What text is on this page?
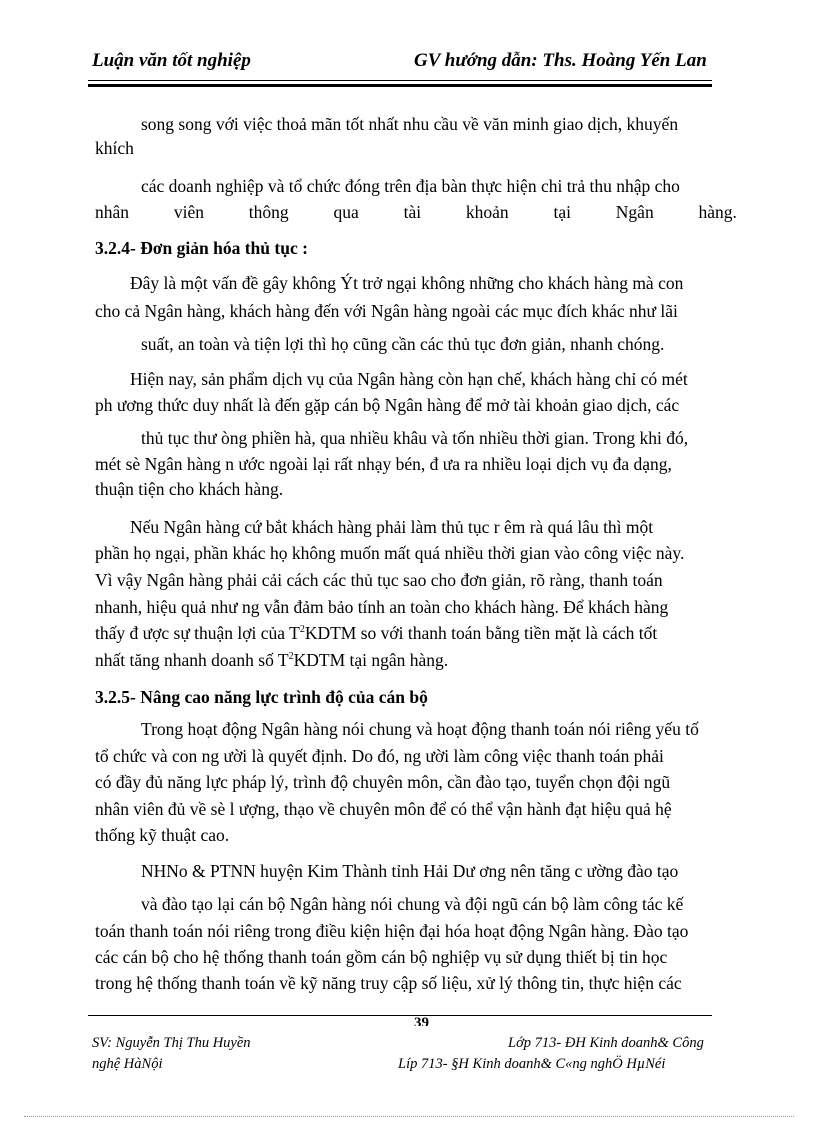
Luận văn tốt nghiệp	GV hướng dẫn: Ths. Hoàng Yến Lan
song song với việc thoả mãn tốt nhất nhu cầu về văn minh giao dịch, khuyến
khích
các doanh nghiệp và tổ chức đóng trên địa bàn thực hiện chi trả thu nhập cho
nhân	viên	thông	qua	tài	khoản	tại	Ngân	hàng.
3.2.4- Đơn giản hóa thủ tục :
Đây là một vấn đề gây không Ýt trở ngại không những cho khách hàng mà con
cho cả Ngân hàng, khách hàng đến với Ngân hàng ngoài các mục đích khác như lãi
suất, an toàn và tiện lợi thì họ cũng cần các thủ tục đơn giản, nhanh chóng.
Hiện nay, sản phẩm dịch vụ của Ngân hàng còn hạn chế, khách hàng chỉ có mét
ph ương thức duy nhất là đến gặp cán bộ Ngân hàng để mở tài khoản giao dịch, các
thủ tục thư òng phiền hà, qua nhiều khâu và tốn nhiều thời gian. Trong khi đó,
mét sè Ngân hàng n ước ngoài lại rất nhạy bén, đ ưa ra nhiều loại dịch vụ đa dạng,
thuận tiện cho khách hàng.
Nếu Ngân hàng cứ bắt khách hàng phải làm thủ tục r êm rà quá lâu thì một
phần họ ngại, phần khác họ không muốn mất quá nhiều thời gian vào công việc này.
Vì vậy Ngân hàng phải cải cách các thủ tục sao cho đơn giản, rõ ràng, thanh toán
nhanh, hiệu quả như ng vẫn đảm bảo tính an toàn cho khách hàng. Để khách hàng
thấy đ ược sự thuận lợi của $T^2KDTM$ so với thanh toán bằng tiền mặt là cách tốt
nhất tăng nhanh doanh số $T^2KDTM$ tại ngân hàng.
3.2.5- Nâng cao năng lực trình độ của cán bộ
Trong hoạt động Ngân hàng nói chung và hoạt động thanh toán nói riêng yếu tố
tổ chức và con ng ười là quyết định. Do đó, ng ười làm công việc thanh toán phải
có đầy đủ năng lực pháp lý, trình độ chuyên môn, cần đào tạo, tuyển chọn đội ngũ
nhân viên đủ về sè l ượng, thạo về chuyên môn để có thể vận hành đạt hiệu quả hệ
thống kỹ thuật cao.
NHNo & PTNN huyện Kim Thành tỉnh Hải Dư ơng nên tăng c ường đào tạo
và đào tạo lại cán bộ Ngân hàng nói chung và đội ngũ cán bộ làm công tác kế
toán thanh toán nói riêng trong điều kiện hiện đại hóa hoạt động Ngân hàng. Đào tạo
các cán bộ cho hệ thống thanh toán gồm cán bộ nghiệp vụ sử dụng thiết bị tin học
trong hệ thống thanh toán về kỹ năng truy cập số liệu, xử lý thông tin, thực hiện các
39
SV: Nguyễn Thị Thu Huyền	Lớp 713- ĐH Kinh doanh& Công
nghệ HàNội	Líp 713- §H Kinh doanh& C«ng nghÖ HµNéi
